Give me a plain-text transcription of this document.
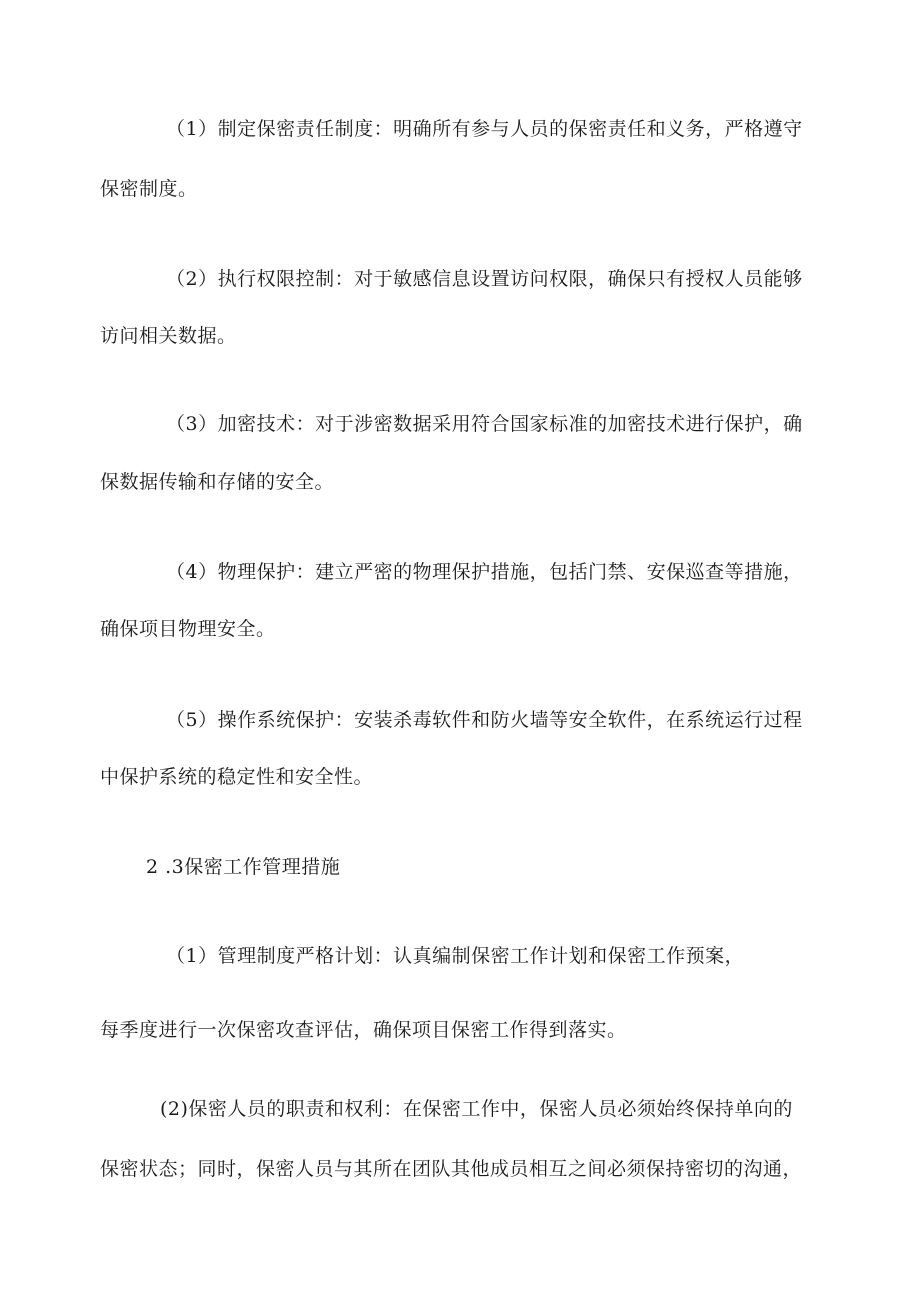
（1）制定保密责任制度：明确所有参与人员的保密责任和义务，严格遵守
保密制度。
（2）执行权限控制：对于敏感信息设置访问权限，确保只有授权人员能够
访问相关数据。
（3）加密技术：对于涉密数据采用符合国家标准的加密技术进行保护，确
保数据传输和存储的安全。
（4）物理保护：建立严密的物理保护措施，包括门禁、安保巡查等措施，
确保项目物理安全。
（5）操作系统保护：安装杀毒软件和防火墙等安全软件，在系统运行过程
中保护系统的稳定性和安全性。
2 .3保密工作管理措施
（1）管理制度严格计划：认真编制保密工作计划和保密工作预案，
每季度进行一次保密攻查评估，确保项目保密工作得到落实。
(2)保密人员的职责和权利：在保密工作中，保密人员必须始终保持单向的
保密状态；同时，保密人员与其所在团队其他成员相互之间必须保持密切的沟通，
